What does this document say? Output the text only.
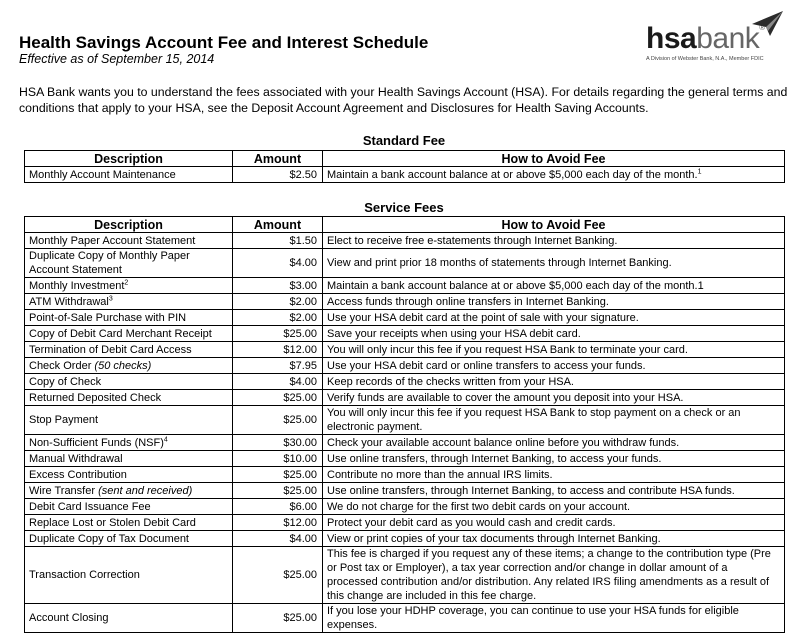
Health Savings Account Fee and Interest Schedule
Effective as of September 15, 2014
hsabank®
A Division of Webster Bank, N.A., Member FDIC
HSA Bank wants you to understand the fees associated with your Health Savings Account (HSA). For details regarding the general terms and conditions that apply to your HSA, see the Deposit Account Agreement and Disclosures for Health Saving Accounts.
Standard Fee
Description	Amount	How to Avoid Fee
Monthly Account Maintenance	$2.50	Maintain a bank account balance at or above $5,000 each day of the month.$^1$
Service Fees
Description	Amount	How to Avoid Fee
Monthly Paper Account Statement	$1.50	Elect to receive free e-statements through Internet Banking.
Duplicate Copy of Monthly Paper Account Statement	$4.00	View and print prior 18 months of statements through Internet Banking.
Monthly Investment$^2$	$3.00	Maintain a bank account balance at or above $5,000 each day of the month.1
ATM Withdrawal$^3$	$2.00	Access funds through online transfers in Internet Banking.
Point-of-Sale Purchase with PIN	$2.00	Use your HSA debit card at the point of sale with your signature.
Copy of Debit Card Merchant Receipt	$25.00	Save your receipts when using your HSA debit card.
Termination of Debit Card Access	$12.00	You will only incur this fee if you request HSA Bank to terminate your card.
Check Order (50 checks)	$7.95	Use your HSA debit card or online transfers to access your funds.
Copy of Check	$4.00	Keep records of the checks written from your HSA.
Returned Deposited Check	$25.00	Verify funds are available to cover the amount you deposit into your HSA.
Stop Payment	$25.00	You will only incur this fee if you request HSA Bank to stop payment on a check or an electronic payment.
Non-Sufficient Funds (NSF)$^4$	$30.00	Check your available account balance online before you withdraw funds.
Manual Withdrawal	$10.00	Use online transfers, through Internet Banking, to access your funds.
Excess Contribution	$25.00	Contribute no more than the annual IRS limits.
Wire Transfer (sent and received)	$25.00	Use online transfers, through Internet Banking, to access and contribute HSA funds.
Debit Card Issuance Fee	$6.00	We do not charge for the first two debit cards on your account.
Replace Lost or Stolen Debit Card	$12.00	Protect your debit card as you would cash and credit cards.
Duplicate Copy of Tax Document	$4.00	View or print copies of your tax documents through Internet Banking.
Transaction Correction	$25.00	This fee is charged if you request any of these items; a change to the contribution type (Pre or Post tax or Employer), a tax year correction and/or change in dollar amount of a processed contribution and/or distribution. Any related IRS filing amendments as a result of this change are included in this fee charge.
Account Closing	$25.00	If you lose your HDHP coverage, you can continue to use your HSA funds for eligible expenses.
